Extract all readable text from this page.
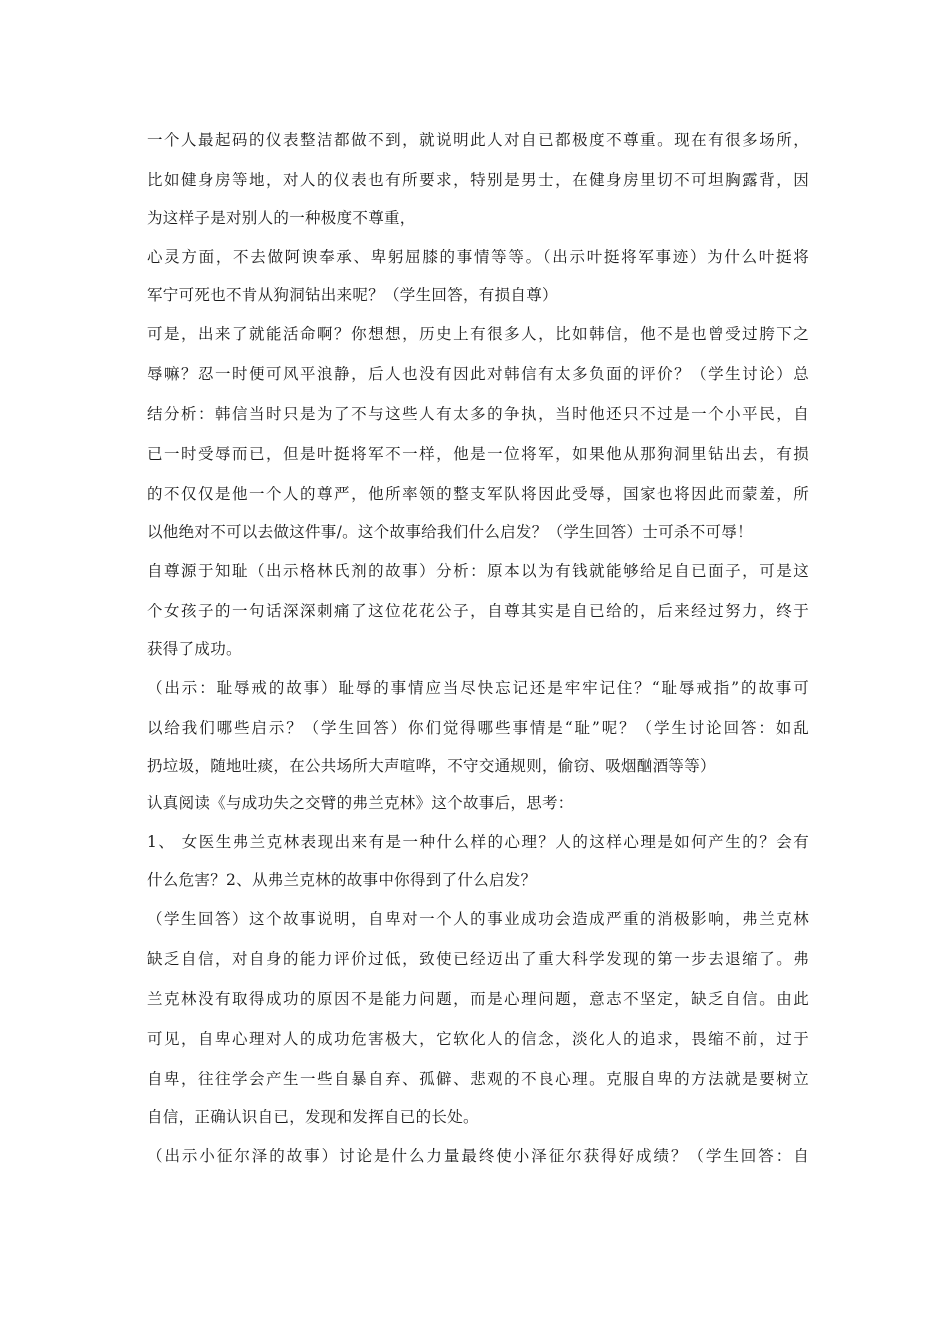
一个人最起码的仪表整洁都做不到，就说明此人对自已都极度不尊重。现在有很多场所，
比如健身房等地，对人的仪表也有所要求，特别是男士，在健身房里切不可坦胸露背，因
为这样子是对别人的一种极度不尊重，
心灵方面，不去做阿谀奉承、卑躬屈膝的事情等等。（出示叶挺将军事迹）为什么叶挺将
军宁可死也不肯从狗洞钻出来呢？（学生回答，有损自尊）
可是，出来了就能活命啊？你想想，历史上有很多人，比如韩信，他不是也曾受过胯下之
辱嘛？忍一时便可风平浪静，后人也没有因此对韩信有太多负面的评价？（学生讨论）总
结分析：韩信当时只是为了不与这些人有太多的争执，当时他还只不过是一个小平民，自
已一时受辱而已，但是叶挺将军不一样，他是一位将军，如果他从那狗洞里钻出去，有损
的不仅仅是他一个人的尊严，他所率领的整支军队将因此受辱，国家也将因此而蒙羞，所
以他绝对不可以去做这件事/。这个故事给我们什么启发？（学生回答）士可杀不可辱！
自尊源于知耻（出示格林氏剂的故事）分析：原本以为有钱就能够给足自已面子，可是这
个女孩子的一句话深深刺痛了这位花花公子，自尊其实是自已给的，后来经过努力，终于
获得了成功。
（出示：耻辱戒的故事）耻辱的事情应当尽快忘记还是牢牢记住？“耻辱戒指”的故事可
以给我们哪些启示？（学生回答）你们觉得哪些事情是“耻”呢？（学生讨论回答：如乱
扔垃圾，随地吐痰，在公共场所大声喧哗，不守交通规则，偷窃、吸烟酗酒等等）
认真阅读《与成功失之交臂的弗兰克林》这个故事后，思考：
1、 女医生弗兰克林表现出来有是一种什么样的心理？人的这样心理是如何产生的？会有
什么危害？2、从弗兰克林的故事中你得到了什么启发？
（学生回答）这个故事说明，自卑对一个人的事业成功会造成严重的消极影响，弗兰克林
缺乏自信，对自身的能力评价过低，致使已经迈出了重大科学发现的第一步去退缩了。弗
兰克林没有取得成功的原因不是能力问题，而是心理问题，意志不坚定，缺乏自信。由此
可见，自卑心理对人的成功危害极大，它软化人的信念，淡化人的追求，畏缩不前，过于
自卑，往往学会产生一些自暴自弃、孤僻、悲观的不良心理。克服自卑的方法就是要树立
自信，正确认识自已，发现和发挥自已的长处。
（出示小征尔泽的故事）讨论是什么力量最终使小泽征尔获得好成绩？（学生回答：自
